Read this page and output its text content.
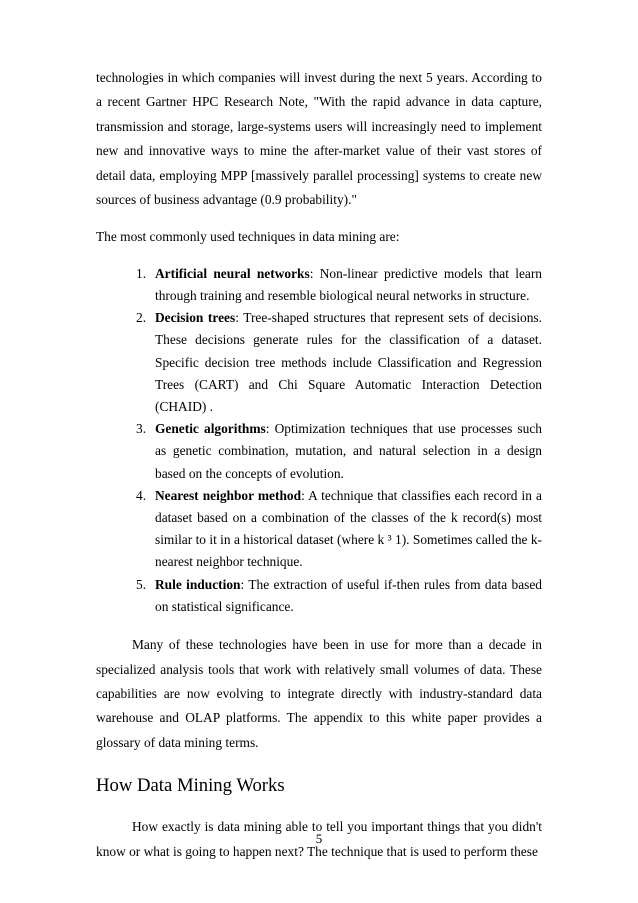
technologies in which companies will invest during the next 5 years. According to a recent Gartner HPC Research Note, "With the rapid advance in data capture, transmission and storage, large-systems users will increasingly need to implement new and innovative ways to mine the after-market value of their vast stores of detail data, employing MPP [massively parallel processing] systems to create new sources of business advantage (0.9 probability)."

The most commonly used techniques in data mining are:

1. Artificial neural networks: Non-linear predictive models that learn through training and resemble biological neural networks in structure.
2. Decision trees: Tree-shaped structures that represent sets of decisions. These decisions generate rules for the classification of a dataset. Specific decision tree methods include Classification and Regression Trees (CART) and Chi Square Automatic Interaction Detection (CHAID) .
3. Genetic algorithms: Optimization techniques that use processes such as genetic combination, mutation, and natural selection in a design based on the concepts of evolution.
4. Nearest neighbor method: A technique that classifies each record in a dataset based on a combination of the classes of the k record(s) most similar to it in a historical dataset (where k ³ 1). Sometimes called the k-nearest neighbor technique.
5. Rule induction: The extraction of useful if-then rules from data based on statistical significance.

Many of these technologies have been in use for more than a decade in specialized analysis tools that work with relatively small volumes of data. These capabilities are now evolving to integrate directly with industry-standard data warehouse and OLAP platforms. The appendix to this white paper provides a glossary of data mining terms.

How Data Mining Works

How exactly is data mining able to tell you important things that you didn't know or what is going to happen next? The technique that is used to perform these

5
